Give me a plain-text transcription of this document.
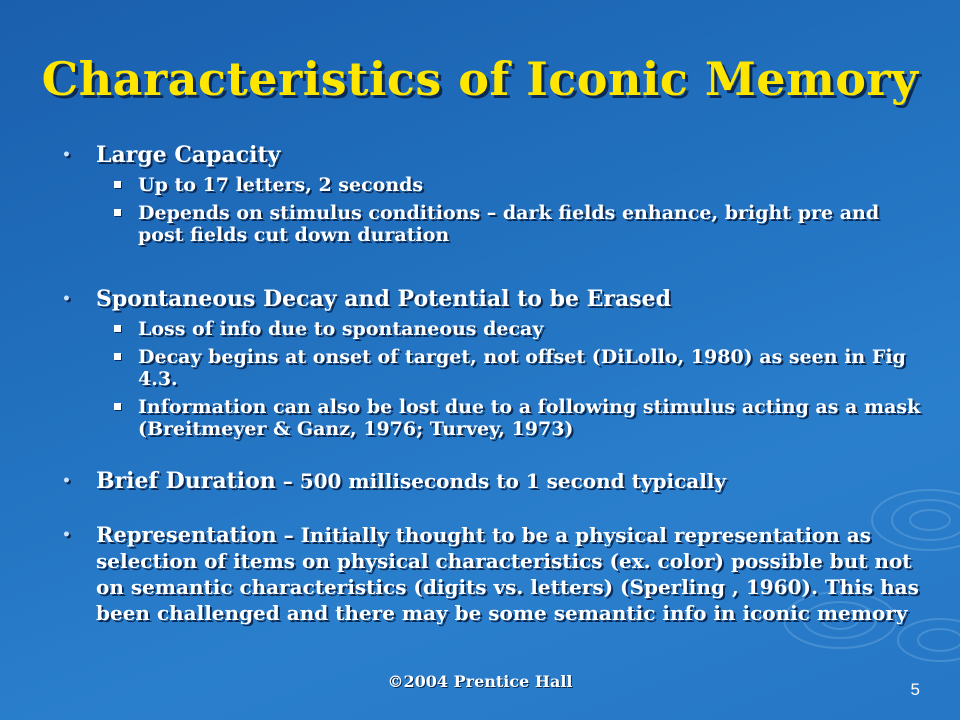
Characteristics of Iconic Memory
• Large Capacity
Up to 17 letters, 2 seconds
Depends on stimulus conditions – dark fields enhance, bright pre and post fields cut down duration
• Spontaneous Decay and Potential to be Erased
Loss of info due to spontaneous decay
Decay begins at onset of target, not offset (DiLollo, 1980) as seen in Fig 4.3.
Information can also be lost due to a following stimulus acting as a mask (Breitmeyer & Ganz, 1976; Turvey, 1973)
• Brief Duration – 500 milliseconds to 1 second typically
• Representation – Initially thought to be a physical representation as selection of items on physical characteristics (ex. color) possible but not on semantic characteristics (digits vs. letters) (Sperling , 1960). This has been challenged and there may be some semantic info in iconic memory
©2004 Prentice Hall	5
